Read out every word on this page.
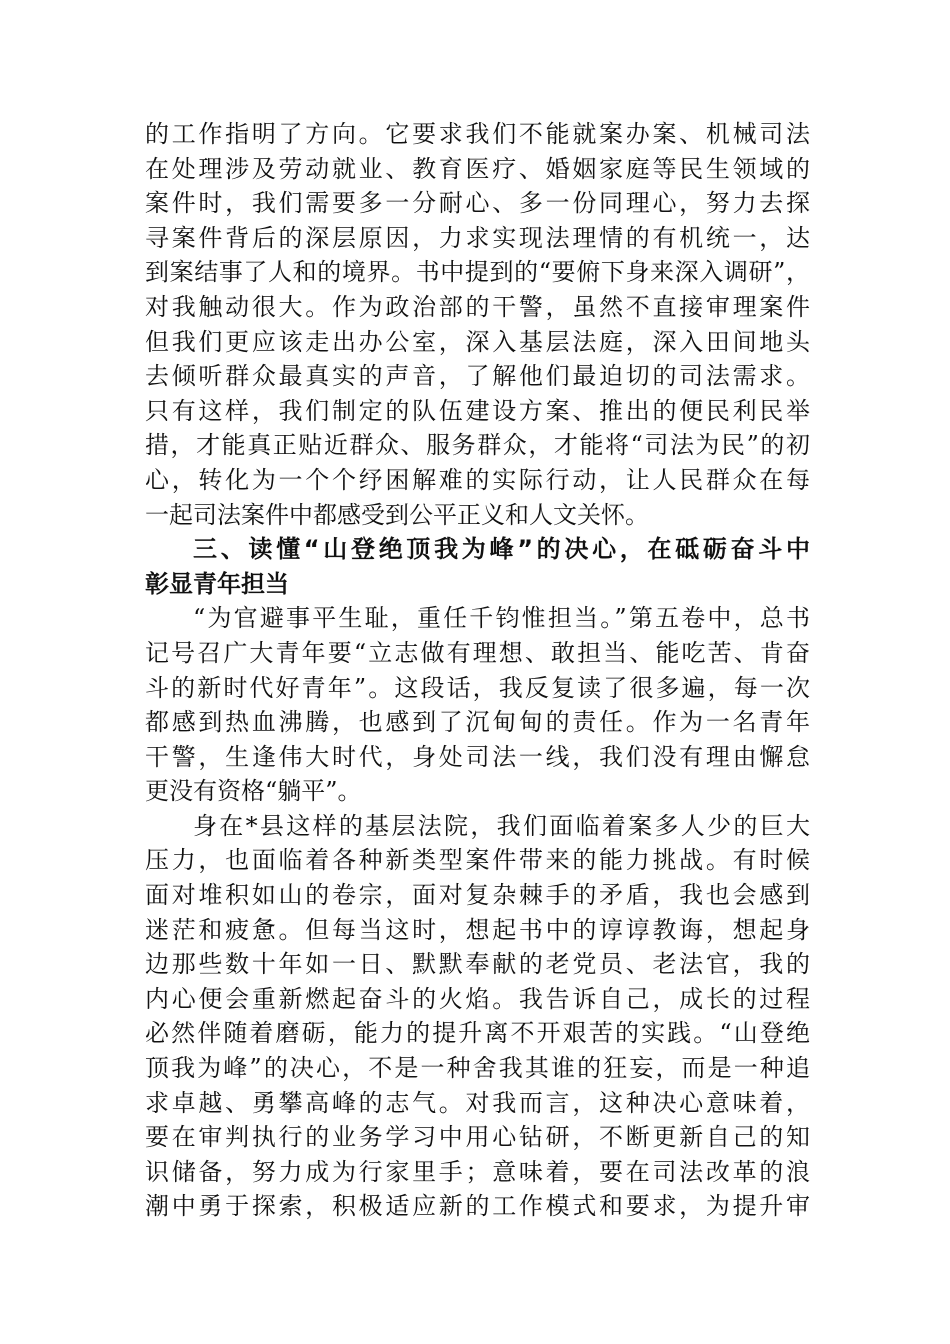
的工作指明了方向。它要求我们不能就案办案、机械司法
在处理涉及劳动就业、教育医疗、婚姻家庭等民生领域的
案件时，我们需要多一分耐心、多一份同理心，努力去探
寻案件背后的深层原因，力求实现法理情的有机统一，达
到案结事了人和的境界。书中提到的“要俯下身来深入调研”，
对我触动很大。作为政治部的干警，虽然不直接审理案件
但我们更应该走出办公室，深入基层法庭，深入田间地头
去倾听群众最真实的声音，了解他们最迫切的司法需求。
只有这样，我们制定的队伍建设方案、推出的便民利民举
措，才能真正贴近群众、服务群众，才能将“司法为民”的初
心，转化为一个个纾困解难的实际行动，让人民群众在每
一起司法案件中都感受到公平正义和人文关怀。
三、读懂“山登绝顶我为峰”的决心，在砥砺奋斗中
彰显青年担当
“为官避事平生耻，重任千钧惟担当。”第五卷中，总书
记号召广大青年要“立志做有理想、敢担当、能吃苦、肯奋
斗的新时代好青年”。这段话，我反复读了很多遍，每一次
都感到热血沸腾，也感到了沉甸甸的责任。作为一名青年
干警，生逢伟大时代，身处司法一线，我们没有理由懈怠
更没有资格“躺平”。
身在*县这样的基层法院，我们面临着案多人少的巨大
压力，也面临着各种新类型案件带来的能力挑战。有时候
面对堆积如山的卷宗，面对复杂棘手的矛盾，我也会感到
迷茫和疲惫。但每当这时，想起书中的谆谆教诲，想起身
边那些数十年如一日、默默奉献的老党员、老法官，我的
内心便会重新燃起奋斗的火焰。我告诉自己，成长的过程
必然伴随着磨砺，能力的提升离不开艰苦的实践。“山登绝
顶我为峰”的决心，不是一种舍我其谁的狂妄，而是一种追
求卓越、勇攀高峰的志气。对我而言，这种决心意味着，
要在审判执行的业务学习中用心钻研，不断更新自己的知
识储备，努力成为行家里手；意味着，要在司法改革的浪
潮中勇于探索，积极适应新的工作模式和要求，为提升审
